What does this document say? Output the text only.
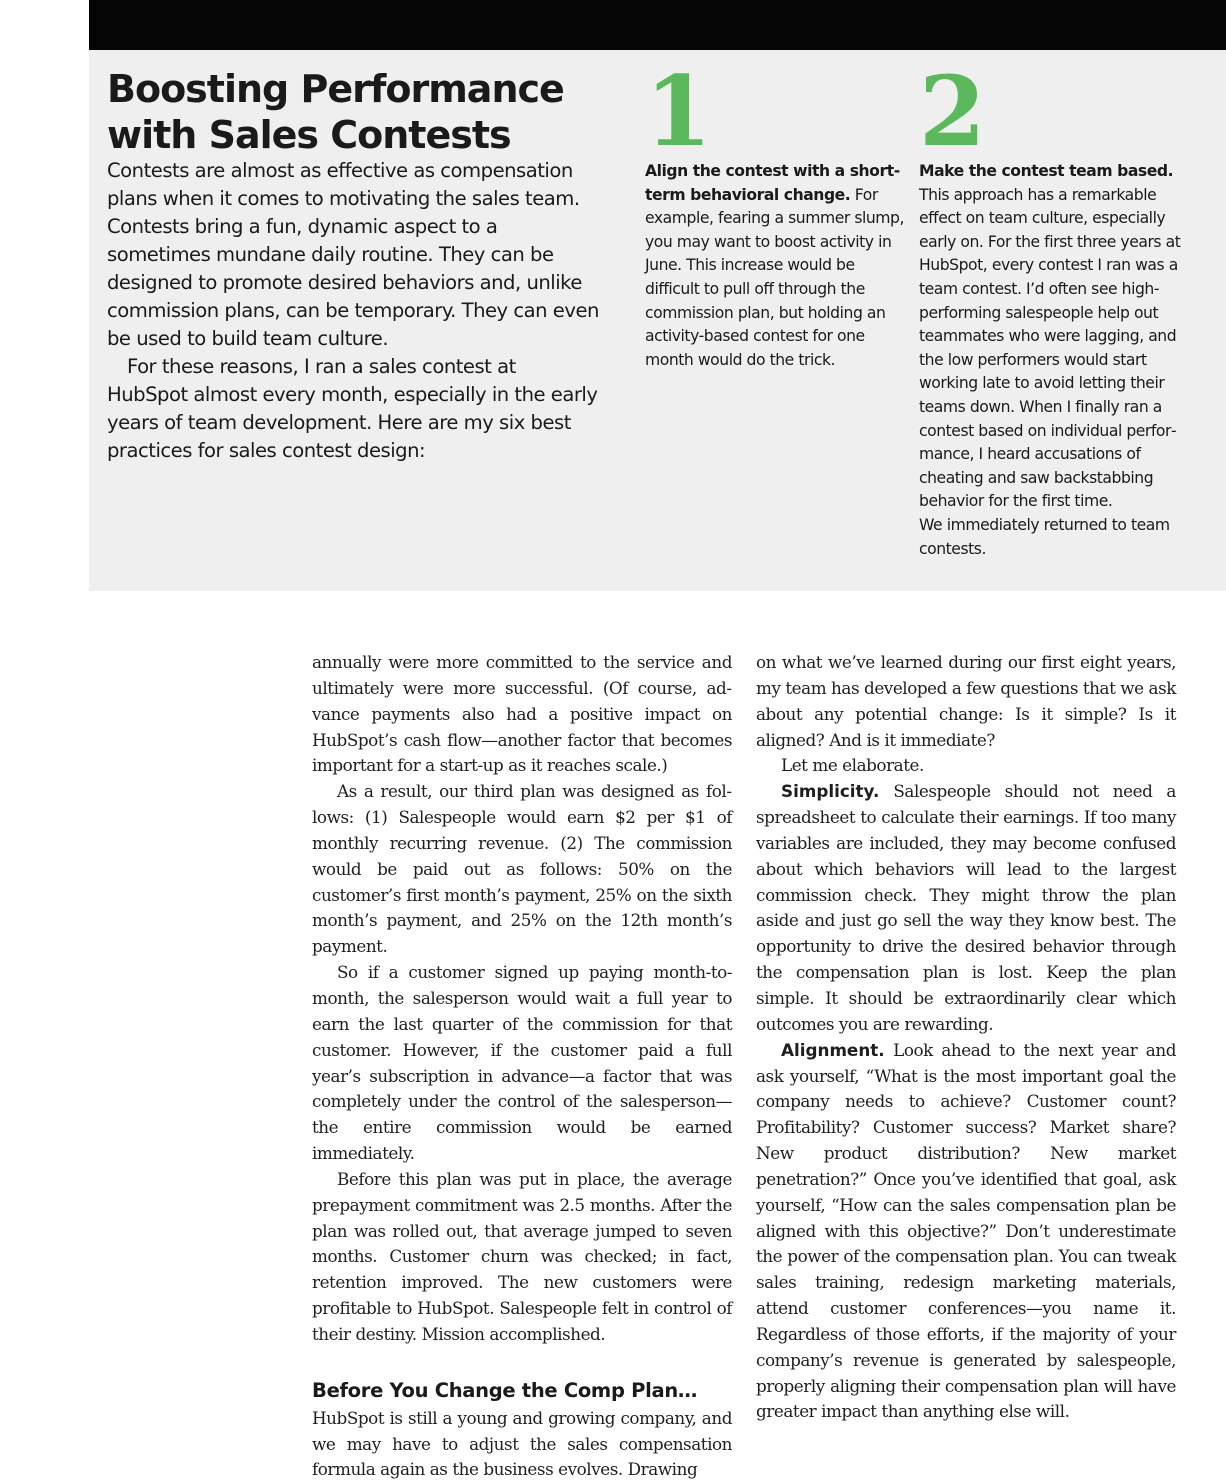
Boosting Performance with Sales Contests

Contests are almost as effective as compensation plans when it comes to motivating the sales team. Contests bring a fun, dynamic aspect to a sometimes mundane daily routine. They can be designed to promote desired behaviors and, unlike commission plans, can be temporary. They can even be used to build team culture.

For these reasons, I ran a sales contest at HubSpot almost every month, especially in the early years of team development. Here are my six best practices for sales contest design:

1

Align the contest with a short-term behavioral change. For example, fearing a summer slump, you may want to boost activity in June. This increase would be difficult to pull off through the commission plan, but holding an activity-based contest for one month would do the trick.

2

Make the contest team based. This approach has a remarkable effect on team culture, especially early on. For the first three years at HubSpot, every contest I ran was a team contest. I’d often see high-performing salespeople help out teammates who were lagging, and the low performers would start working late to avoid letting their teams down. When I finally ran a contest based on individual performance, I heard accusations of cheating and saw backstabbing behavior for the first time.

We immediately returned to team contests.

annually were more committed to the service and ultimately were more successful. (Of course, advance payments also had a positive impact on HubSpot’s cash flow—another factor that becomes important for a start-up as it reaches scale.)

As a result, our third plan was designed as follows: (1) Salespeople would earn $2 per $1 of monthly recurring revenue. (2) The commission would be paid out as follows: 50% on the customer’s first month’s payment, 25% on the sixth month’s payment, and 25% on the 12th month’s payment.

So if a customer signed up paying month-to-month, the salesperson would wait a full year to earn the last quarter of the commission for that customer. However, if the customer paid a full year’s subscription in advance—a factor that was completely under the control of the salesperson—the entire commission would be earned immediately.

Before this plan was put in place, the average prepayment commitment was 2.5 months. After the plan was rolled out, that average jumped to seven months. Customer churn was checked; in fact, retention improved. The new customers were profitable to HubSpot. Salespeople felt in control of their destiny. Mission accomplished.

Before You Change the Comp Plan…

HubSpot is still a young and growing company, and we may have to adjust the sales compensation formula again as the business evolves. Drawing

on what we’ve learned during our first eight years, my team has developed a few questions that we ask about any potential change: Is it simple? Is it aligned? And is it immediate?

Let me elaborate.

Simplicity. Salespeople should not need a spreadsheet to calculate their earnings. If too many variables are included, they may become confused about which behaviors will lead to the largest commission check. They might throw the plan aside and just go sell the way they know best. The opportunity to drive the desired behavior through the compensation plan is lost. Keep the plan simple. It should be extraordinarily clear which outcomes you are rewarding.

Alignment. Look ahead to the next year and ask yourself, “What is the most important goal the company needs to achieve? Customer count? Profitability? Customer success? Market share? New product distribution? New market penetration?” Once you’ve identified that goal, ask yourself, “How can the sales compensation plan be aligned with this objective?” Don’t underestimate the power of the compensation plan. You can tweak sales training, redesign marketing materials, attend customer conferences—you name it. Regardless of those efforts, if the majority of your company’s revenue is generated by salespeople, properly aligning their compensation plan will have greater impact than anything else will.
